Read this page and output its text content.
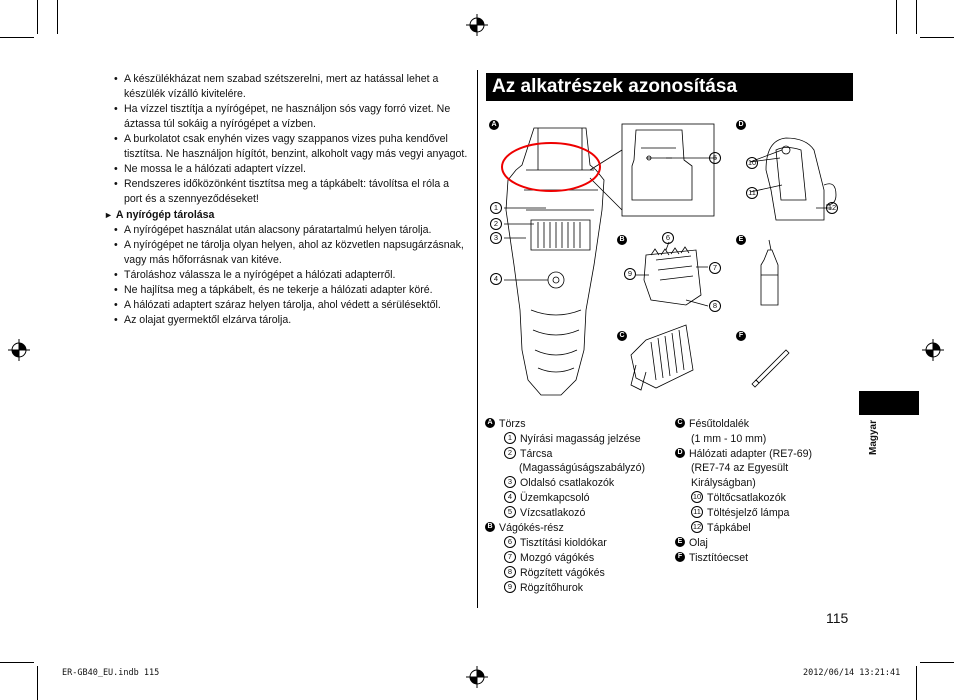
• A készülékházat nem szabad szétszerelni, mert az hatással lehet a készülék vízálló kivitelére.
• Ha vízzel tisztítja a nyírógépet, ne használjon sós vagy forró vizet. Ne áztassa túl sokáig a nyírógépet a vízben.
• A burkolatot csak enyhén vizes vagy szappanos vizes puha kendővel tisztítsa. Ne használjon hígítót, benzint, alkoholt vagy más vegyi anyagot.
• Ne mossa le a hálózati adaptert vízzel.
• Rendszeres időközönként tisztítsa meg a tápkábelt: távolítsa el róla a port és a szennyeződéseket!
► A nyírógép tárolása
• A nyírógépet használat után alacsony páratartalmú helyen tárolja.
• A nyírógépet ne tárolja olyan helyen, ahol az közvetlen napsugárzásnak, vagy más hőforrásnak van kitéve.
• Tároláshoz válassza le a nyírógépet a hálózati adapterről.
• Ne hajlítsa meg a tápkábelt, és ne tekerje a hálózati adapter köré.
• A hálózati adaptert száraz helyen tárolja, ahol védett a sérülésektől.
• Az olajat gyermektől elzárva tárolja.
Az alkatrészek azonosítása
A
B
C
D
E
F
1
2
3
4
5
6
7
8
9
10
11
12
A Törzs
1 Nyírási magasság jelzése
2 Tárcsa
(Magasságúságszabályzó)
3 Oldalsó csatlakozók
4 Üzemkapcsoló
5 Vízcsatlakozó
B Vágókés-rész
6 Tisztítási kioldókar
7 Mozgó vágókés
8 Rögzített vágókés
9 Rögzítőhurok
C Fésűtoldalék
(1 mm - 10 mm)
D Hálózati adapter (RE7-69)
(RE7-74 az Egyesült
Királyságban)
10 Töltőcsatlakozók
11 Töltésjelző lámpa
12 Tápkábel
E Olaj
F Tisztítóecset
Magyar
115
ER-GB40_EU.indb 115	2012/06/14 13:21:41
